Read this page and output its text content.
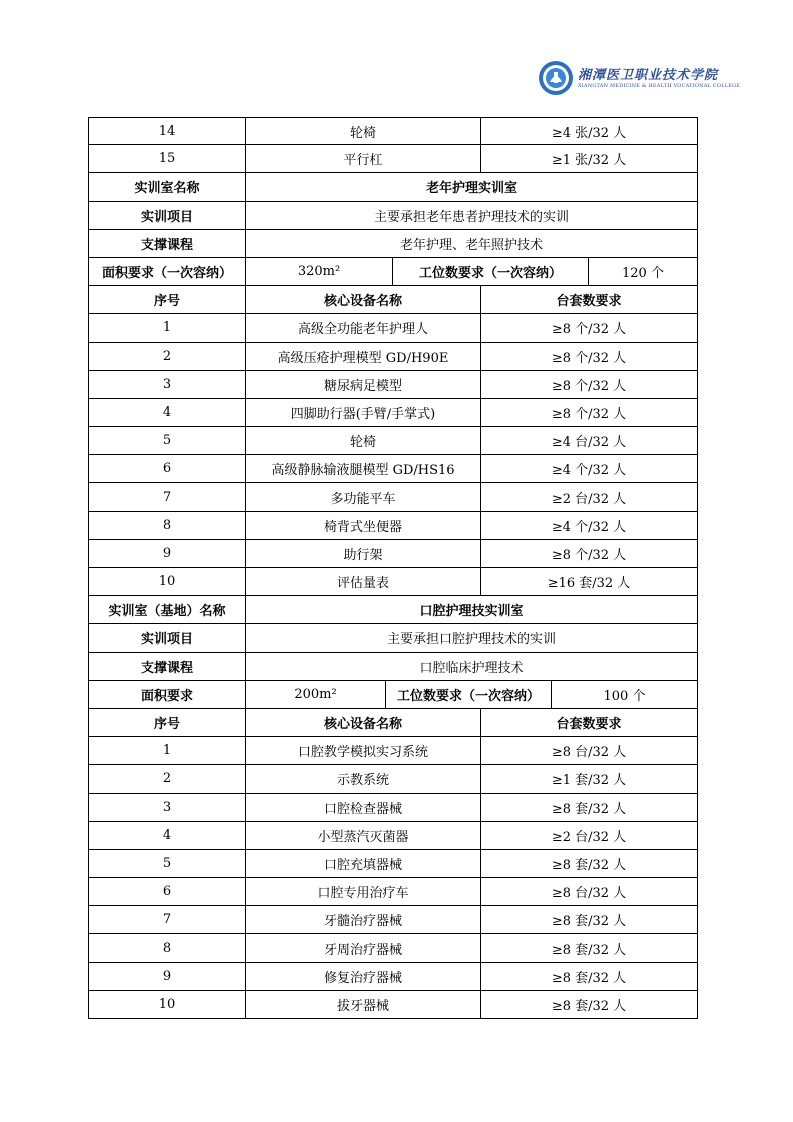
湘潭医卫职业技术学院
XIANGTAN MEDICINE & HEALTH VOCATIONAL COLLEGE
14	轮椅	≥4 张/32 人
15	平行杠	≥1 张/32 人
实训室名称	老年护理实训室
实训项目	主要承担老年患者护理技术的实训
支撑课程	老年护理、老年照护技术
面积要求（一次容纳）	320m²	工位数要求（一次容纳）	120 个
序号	核心设备名称	台套数要求
1	高级全功能老年护理人	≥8 个/32 人
2	高级压疮护理模型 GD/H90E	≥8 个/32 人
3	糖尿病足模型	≥8 个/32 人
4	四脚助行器(手臂/手掌式)	≥8 个/32 人
5	轮椅	≥4 台/32 人
6	高级静脉输液腿模型 GD/HS16	≥4 个/32 人
7	多功能平车	≥2 台/32 人
8	椅背式坐便器	≥4 个/32 人
9	助行架	≥8 个/32 人
10	评估量表	≥16 套/32 人
实训室（基地）名称	口腔护理技实训室
实训项目	主要承担口腔护理技术的实训
支撑课程	口腔临床护理技术
面积要求	200m²	工位数要求（一次容纳）	100 个
序号	核心设备名称	台套数要求
1	口腔教学模拟实习系统	≥8 台/32 人
2	示教系统	≥1 套/32 人
3	口腔检查器械	≥8 套/32 人
4	小型蒸汽灭菌器	≥2 台/32 人
5	口腔充填器械	≥8 套/32 人
6	口腔专用治疗车	≥8 台/32 人
7	牙髓治疗器械	≥8 套/32 人
8	牙周治疗器械	≥8 套/32 人
9	修复治疗器械	≥8 套/32 人
10	拔牙器械	≥8 套/32 人
